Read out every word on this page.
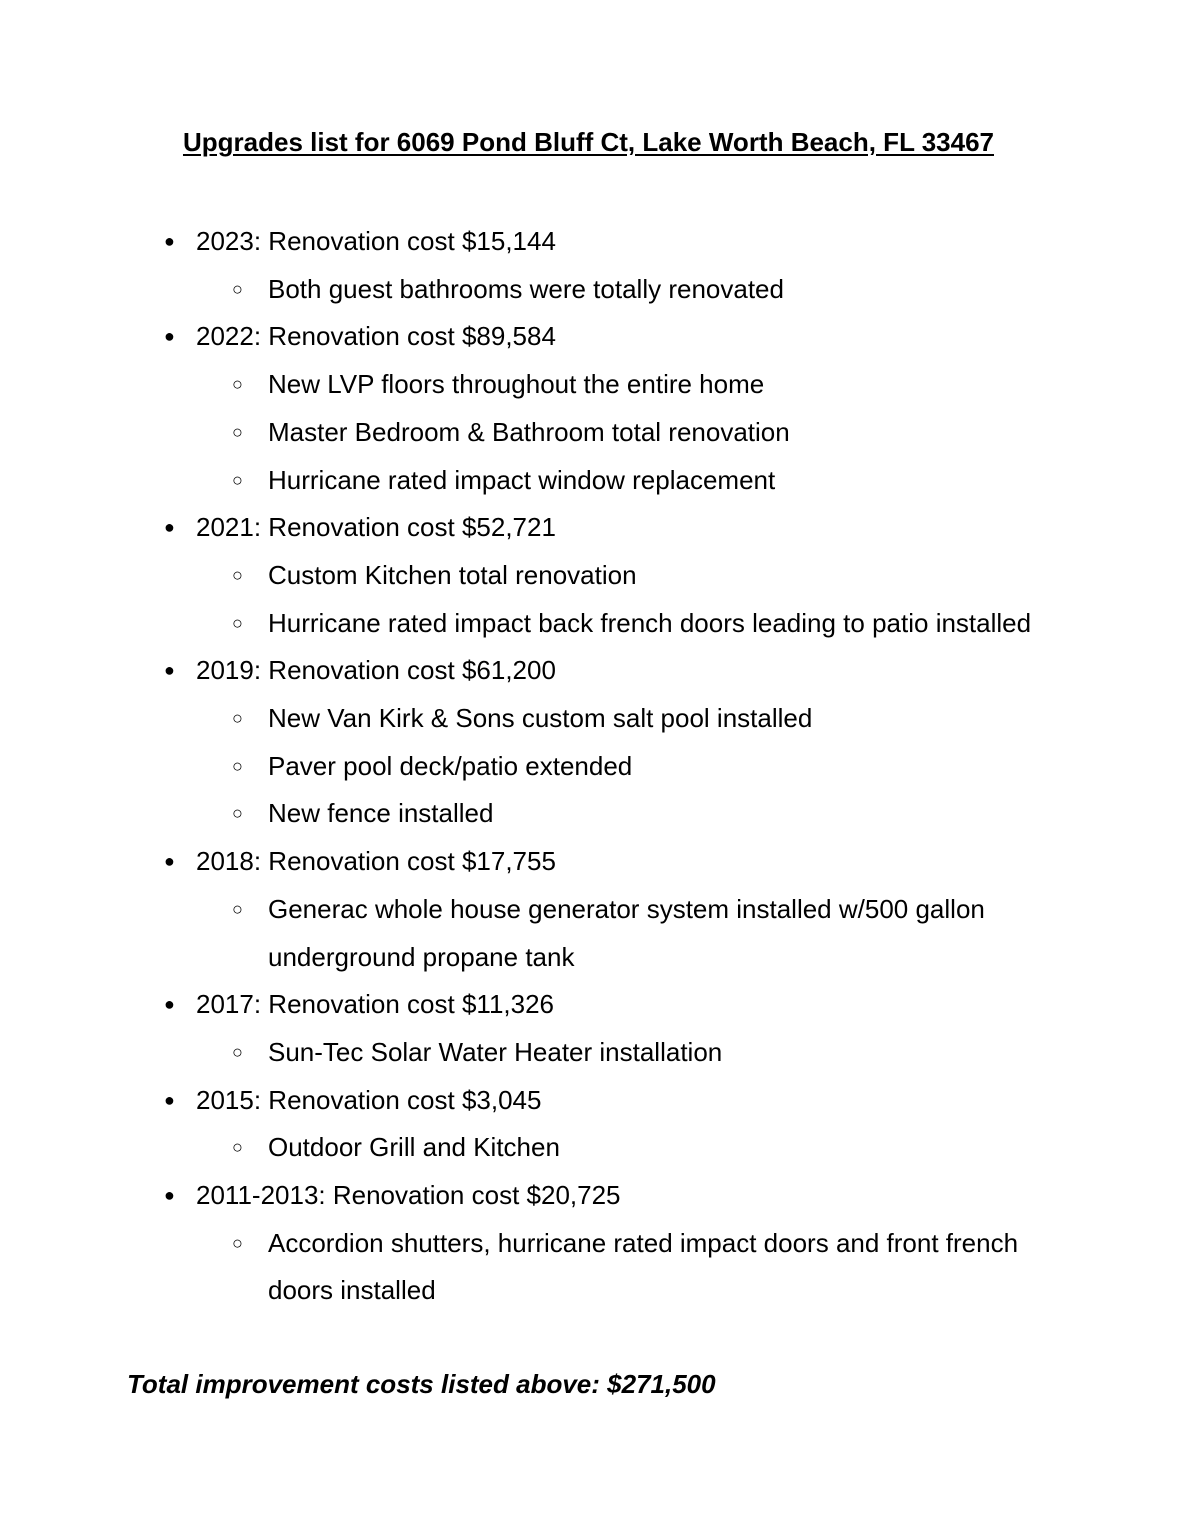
Upgrades list for 6069 Pond Bluff Ct, Lake Worth Beach, FL 33467
● 2023: Renovation cost $15,144
○ Both guest bathrooms were totally renovated
● 2022: Renovation cost $89,584
○ New LVP floors throughout the entire home
○ Master Bedroom & Bathroom total renovation
○ Hurricane rated impact window replacement
● 2021: Renovation cost $52,721
○ Custom Kitchen total renovation
○ Hurricane rated impact back french doors leading to patio installed
● 2019: Renovation cost $61,200
○ New Van Kirk & Sons custom salt pool installed
○ Paver pool deck/patio extended
○ New fence installed
● 2018: Renovation cost $17,755
○ Generac whole house generator system installed w/500 gallon underground propane tank
● 2017: Renovation cost $11,326
○ Sun-Tec Solar Water Heater installation
● 2015: Renovation cost $3,045
○ Outdoor Grill and Kitchen
● 2011-2013: Renovation cost $20,725
○ Accordion shutters, hurricane rated impact doors and front french doors installed
Total improvement costs listed above: $271,500
